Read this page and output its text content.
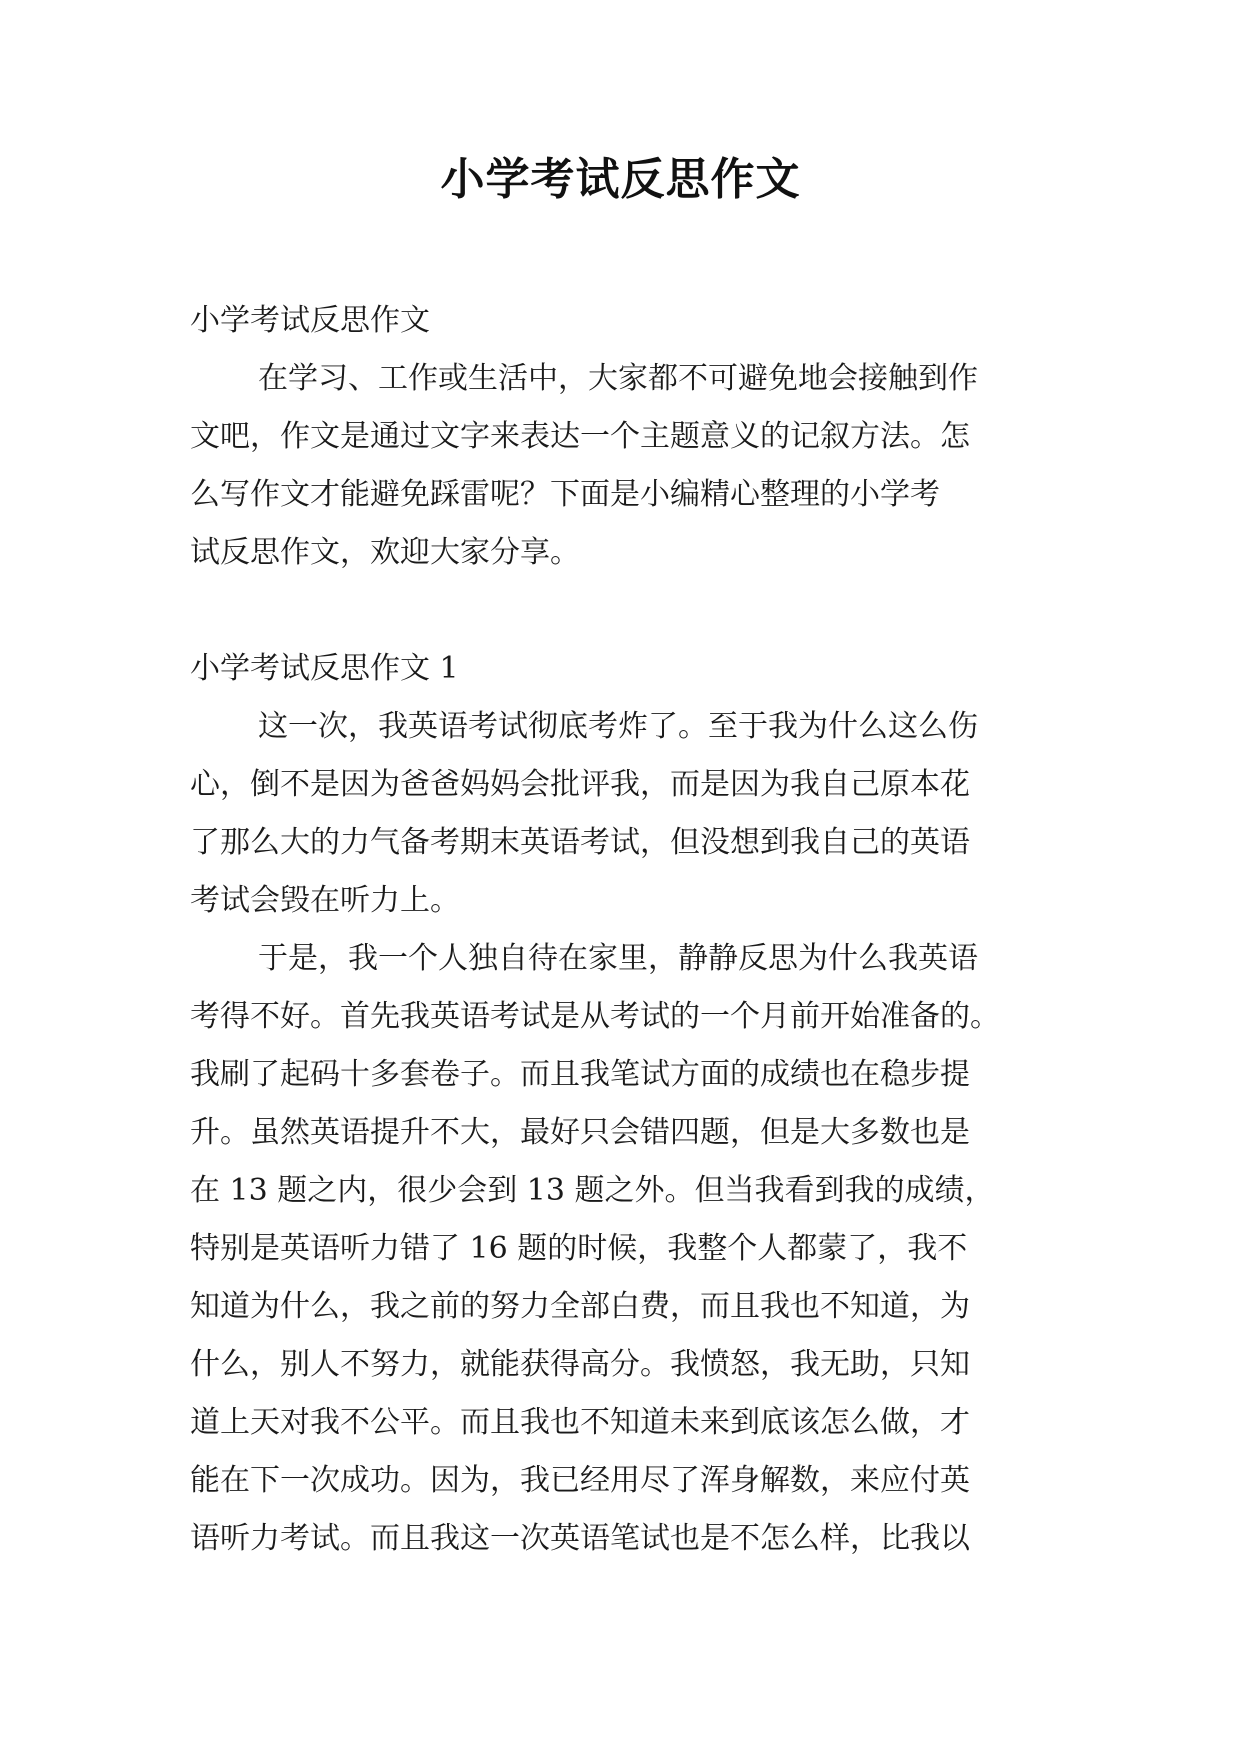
小学考试反思作文
小学考试反思作文
在学习、工作或生活中，大家都不可避免地会接触到作
文吧，作文是通过文字来表达一个主题意义的记叙方法。怎
么写作文才能避免踩雷呢？下面是小编精心整理的小学考
试反思作文，欢迎大家分享。
小学考试反思作文 1
这一次，我英语考试彻底考炸了。至于我为什么这么伤
心，倒不是因为爸爸妈妈会批评我，而是因为我自己原本花
了那么大的力气备考期末英语考试，但没想到我自己的英语
考试会毁在听力上。
于是，我一个人独自待在家里，静静反思为什么我英语
考得不好。首先我英语考试是从考试的一个月前开始准备的。
我刷了起码十多套卷子。而且我笔试方面的成绩也在稳步提
升。虽然英语提升不大，最好只会错四题，但是大多数也是
在 13 题之内，很少会到 13 题之外。但当我看到我的成绩，
特别是英语听力错了 16 题的时候，我整个人都蒙了，我不
知道为什么，我之前的努力全部白费，而且我也不知道，为
什么，别人不努力，就能获得高分。我愤怒，我无助，只知
道上天对我不公平。而且我也不知道未来到底该怎么做，才
能在下一次成功。因为，我已经用尽了浑身解数，来应付英
语听力考试。而且我这一次英语笔试也是不怎么样，比我以
